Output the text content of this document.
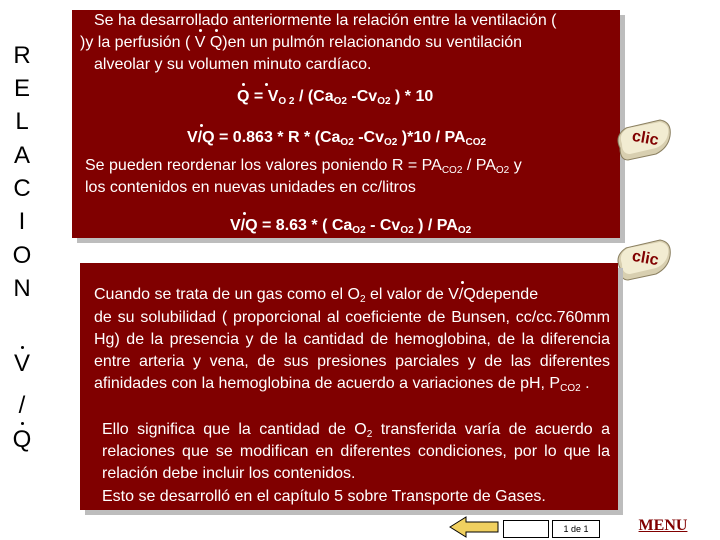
R
E
L
A
C
I
O
N
V
/
Q
Se ha desarrollado anteriormente la relación entre la ventilación (
)y la perfusión ( V Q)en un pulmón relacionando su ventilación
alveolar y su volumen minuto cardíaco.
$Q = V_{O 2} / (Ca_{O2}$ $-Cv_{O2}$ ) * 10
$V/Q = 0.863 * R * (Ca_{O2}$ $-Cv_{O2}$ )$*10 / PA_{CO2}$
Se pueden reordenar los valores poniendo $R = PA_{CO2} / PA_{O2}$ y
los contenidos en nuevas unidades en cc/litros
V/Q = 8.63 * ( $Ca_{O2} - Cv_{O2}$ ) / $PA_{O2}$
clic
clic
Cuando se trata de un gas como el $O_2$ el valor de V/Qdepende
de su solubilidad ( proporcional al coeficiente de Bunsen, cc/cc.760mm Hg) de la presencia y de la cantidad de hemoglobina, de la diferencia entre arteria y vena, de sus presiones parciales y de las diferentes afinidades con la hemoglobina de acuerdo a variaciones de pH, $P_{CO2}$ .
Ello significa que la cantidad de $O_2$ transferida varía de acuerdo a relaciones que se modifican en diferentes condiciones, por lo que la relación debe incluir los contenidos.
Esto se desarrolló en el capítulo 5 sobre Transporte de Gases.
1 de 1	MENU
